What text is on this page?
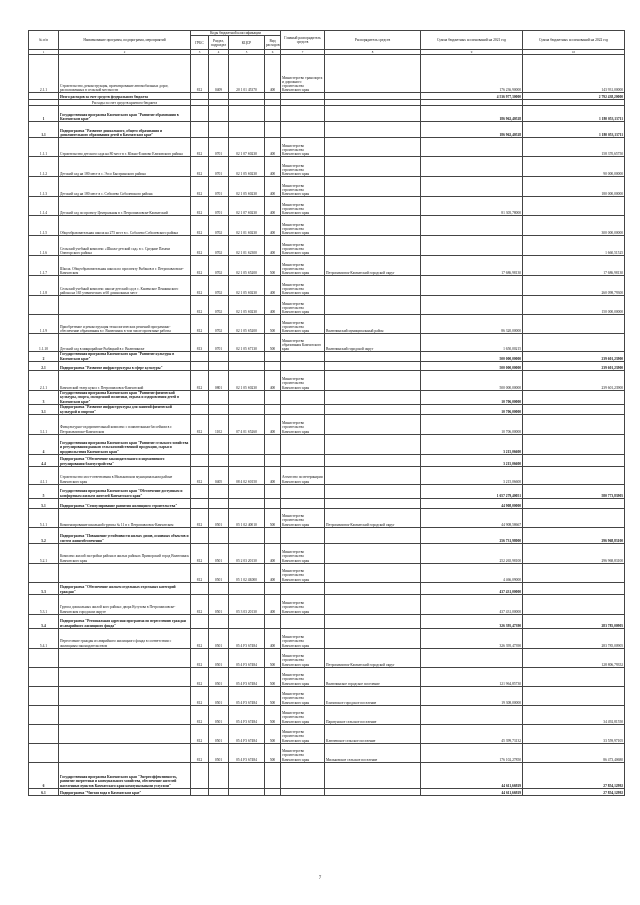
№ п/п	Наименование программ, подпрограмм, мероприятий	Коды бюджетной классификации				Главный распорядитель средств	Распорядитель средств	Сумма бюджетных ассигнований на 2021 год	Сумма бюджетных ассигнований на 2022 год
		ГРБС	Раздел, подраздел	КЦСР	Вид расходов				
1	2	3	4	5	6	7	8	9	10
2.1.1	Строительство, реконструкция, проектирование автомобильных дорог, расположенных в сельской местности	812	0409	20 1 01 45370	400	Министерство транспорта и дорожного строительства Камчатского края		176 236,90000	143 931,00000
	Итого расходов за счет средств федерального бюджета							4 536 977,30000	2 792 438,20000
	Расходы за счет средств краевого бюджета								
1	Государственная программа Камчатского края "Развитие образования в Камчатском крае"							186 962,40528	1 180 053,13711
1.1	Подпрограмма "Развитие дошкольного, общего образования и дополнительного образования детей в Камчатском крае"							186 962,40528	1 180 053,13711
1.1.1	Строительство детского сада на 80 мест в г. Южно-Елизово Елизовского района	812	0701	02 1 07 S0230	400	Министерство строительства Камчатского края			158 370,65750
1.1.2	Детский сад на 180 мест в с. Эссо Быстринского района	812	0701	02 1 05 S0230	400	Министерство строительства Камчатского края			90 000,00000
1.1.3	Детский сад на 180 мест в с. Соболево Соболевского района	812	0701	02 1 05 S0230	400	Министерство строительства Камчатского края			180 000,00000
1.1.4	Детский сад по проекту Центральная в г. Петропавловске-Камчатский	812	0701	02 1 07 S0230	400	Министерство строительства Камчатского края		81 305,78000	
1.1.5	Общеобразовательная школа на 275 мест в с. Соболево Соболевского района	812	0702	02 1 01 S0230	400	Министерство строительства Камчатского края			300 000,00000
1.1.6	Сельский учебный комплекс «Школа-детский сад» в с. Средние Пахачи Олюторского района	812	0702	02 1 01 S2300	400	Министерство строительства Камчатского края			1 660,51525
1.1.7	Школа. Общеобразовательная школа по проспекту Рыбаков в г. Петропавловске-Камчатском	812	0702	02 1 05 S5200	500	Министерство строительства Камчатского края	Петропавловск-Камчатский городской округ	17 686,98130	17 686,98130
1.1.8	Сельский учебный комплекс школа-детский сад в с. Каменское Пенжинского района на 165 ученических и 60 дошкольных мест	812	0702	02 1 05 S0230	400	Министерство строительства Камчатского края			260 098,79300
		812	0702	02 1 05 S0230	400	Министерство строительства Камчатского края			150 000,00000
1.1.9	Приобретение и реконструкция технологических решений программно-обеспечение образования в г. Вилючинск в том числе проектные работы	812	0702	02 1 05 S5200	500	Министерство строительства Камчатского края	Вилючинский муниципальный район	86 320,00000	
1.1.10	Детский сад в микрорайоне Рыбацкий в г. Вилючинске	813	0701	02 1 05 S7130	500	Министерство образования Камчатского края	Вилючинский городской округ	1 650,00215	
2	Государственная программа Камчатского края "Развитие культуры в Камчатском крае"							500 000,00000	239 601,23900
2.1	Подпрограмма "Развитие инфраструктуры в сфере культуры"							500 000,00000	239 601,23900
2.1.1	Камчатский театр кукол г. Петропавловск-Камчатский	812	0801	02 1 05 S0230	400	Министерство строительства Камчатского края		500 000,00000	239 601,23900
3	Государственная программа Камчатского края "Развитие физической культуры, спорта, молодежной политики, отдыха и оздоровления детей в Камчатском крае"							10 706,00000	
3.1	Подпрограмма "Развитие инфраструктуры для занятий физической культурой и спортом"							10 706,00000	
3.1.1	Физкультурно-оздоровительный комплекс с плавательным бассейном в г. Петропавловске-Камчатском	812	1102	07 4 01 S5260	400	Министерство строительства Камчатского края		10 706,00000	
4	Государственная программа Камчатского края "Развитие сельского хозяйства и регулирования рынков сельскохозяйственной продукции, сырья и продовольствия Камчатского края"							3 215,06600	
4.4	Подпрограмма "Обеспечение законодательного и нормативного регулирования благоустройства"							3 215,06600	
4.1.1	Строительство мост-ответвления в Мильковском муниципальном районе Камчатского края	812	0405	08 4 02 S0150	400	Агентство по ветеринарии Камчатского края		3 215,06600	
5	Государственная программа Камчатского края "Обеспечение доступным и комфортным жильем жителей Камчатского края"							1 657 279,40051	580 773,83905
5.1	Подпрограмма "Стимулирование развития жилищного строительства"							44 908,00000	
5.1.1	Компенсирование школьной группы № 11 в г. Петропавловск-Камчатском	812	0501	05 1 02 40010	500	Министерство строительства Камчатского края	Петропавловск-Камчатский городской округ	44 908,58667	
5.2	Подпрограмма "Повышение устойчивости жилых домов, основных объектов и систем жизнеобеспечения"							256 731,98000	296 968,83100
5.2.1	Комплекс жилой застройки района в жилых районах Приморский город Вилючинск Камчатского края	812	0501	05 2 03 20130	400	Министерство строительства Камчатского края		252 265,98100	296 968,83100
		812	0501	05 1 02 4Б000	400	Министерство строительства Камчатского края		4 466,09000	
5.3	Подпрограмма "Обеспечение жильем отдельных отдельных категорий граждан"							437 431,00000	
5.3.1	Группа дошкольных жилой кого района: двора Кутузова в Петропавловске-Камчатском городском округе	812	0501	05 3 03 20130	400	Министерство строительства Камчатского края		437 431,00000	
5.4	Подпрограмма "Региональная адресная программа по переселению граждан из аварийного жилищного фонда"							326 395,47390	283 785,00905
5.4.1	Переселение граждан из аварийного жилищного фонда в соответствии с жилищным законодательством	812	0501	05 4 F3 67484	400	Министерство строительства Камчатского края		326 395,47390	283 785,00905
		812	0501	05 4 F3 67484	500	Министерство строительства Камчатского края	Петропавловск-Камчатский городской округ		128 806,79352
		812	0501	05 4 F3 67484	500	Министерство строительства Камчатского края	Вилючинское городское поселение	121 964,85730	
		812	0501	05 4 F3 67484	500	Министерство строительства Камчатского края	Елизовское городское поселение	19 308,00000	
		812	0501	05 4 F3 67484	500	Министерство строительства Камчатского края	Паратунское сельское поселение		34 492,81550
		812	0501	05 4 F3 67484	500	Министерство строительства Камчатского края	Ключевское сельское поселение	45 399,73132	33 559,97105
		812	0501	05 4 F3 67484	500	Министерство строительства Камчатского края	Мильковское сельское поселение	176 102,27850	86 473,40680
6	Государственная программа Камчатского края "Энергоэффективность, развитие энергетики и коммунального хозяйства, обеспечение жителей населенных пунктов Камчатского края коммунальными услугами"							44 611,66929	27 854,12992
6.1	Подпрограмма "Чистая вода в Камчатском крае"							44 611,66929	27 854,12992
7
